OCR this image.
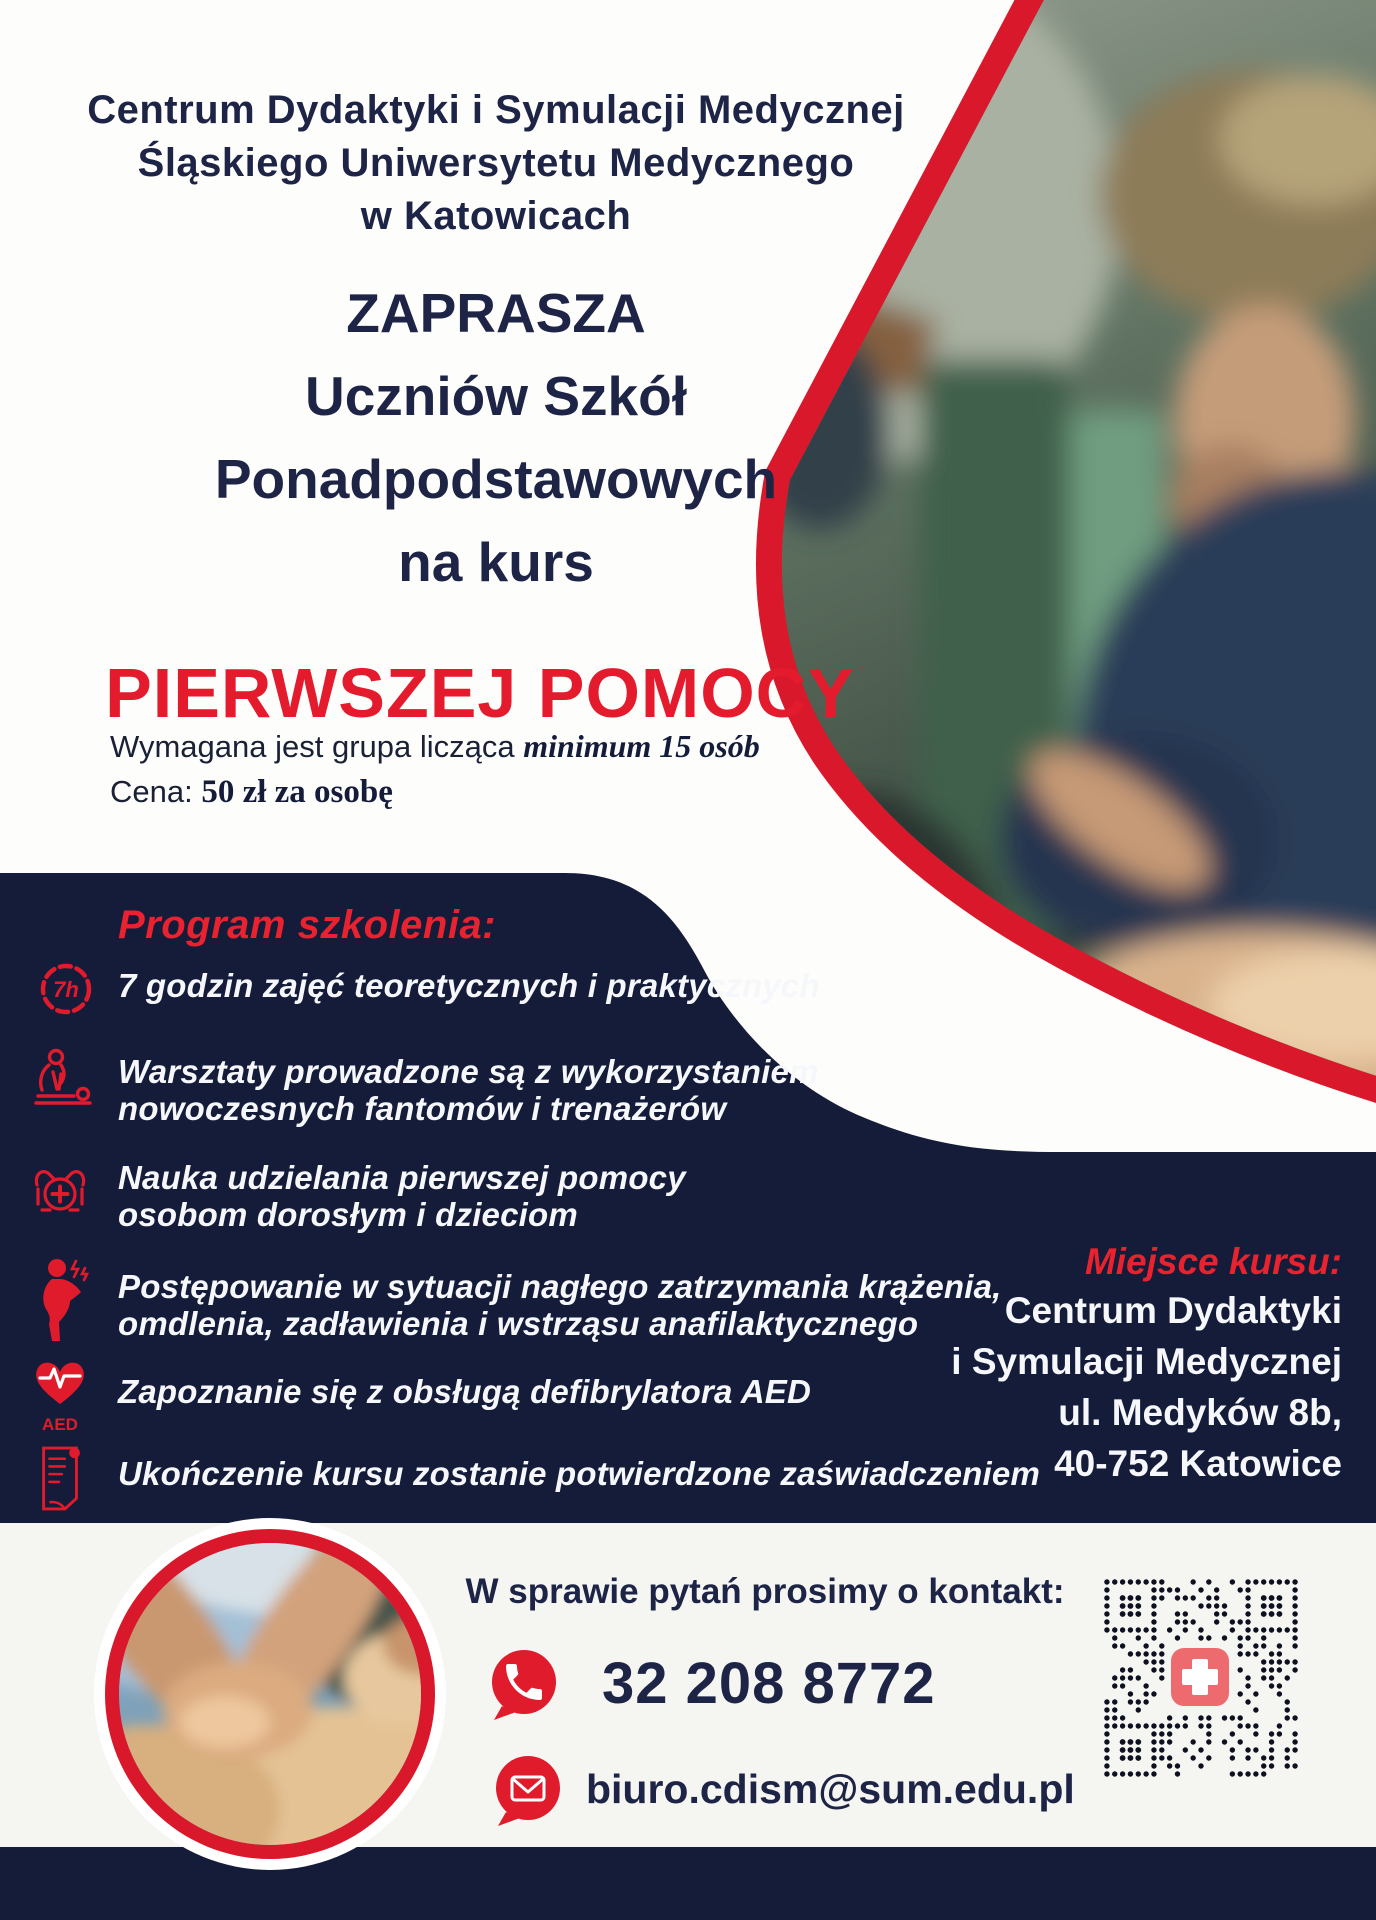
Centrum Dydaktyki i Symulacji Medycznej
Śląskiego Uniwersytetu Medycznego
w Katowicach
ZAPRASZA
Uczniów Szkół
Ponadpodstawowych
na kurs
PIERWSZEJ POMOCY
Wymagana jest grupa licząca minimum 15 osób
Cena: 50 zł za osobę
Program szkolenia:
7h 7 godzin zajęć teoretycznych i praktycznych
Warsztaty prowadzone są z wykorzystaniem
nowoczesnych fantomów i trenażerów
Nauka udzielania pierwszej pomocy
osobom dorosłym i dzieciom
Postępowanie w sytuacji nagłego zatrzymania krążenia,
omdlenia, zadławienia i wstrząsu anafilaktycznego
AED
Zapoznanie się z obsługą defibrylatora AED
Ukończenie kursu zostanie potwierdzone zaświadczeniem
Miejsce kursu:
Centrum Dydaktyki
i Symulacji Medycznej
ul. Medyków 8b,
40-752 Katowice
W sprawie pytań prosimy o kontakt:
32 208 8772
biuro.cdism@sum.edu.pl
